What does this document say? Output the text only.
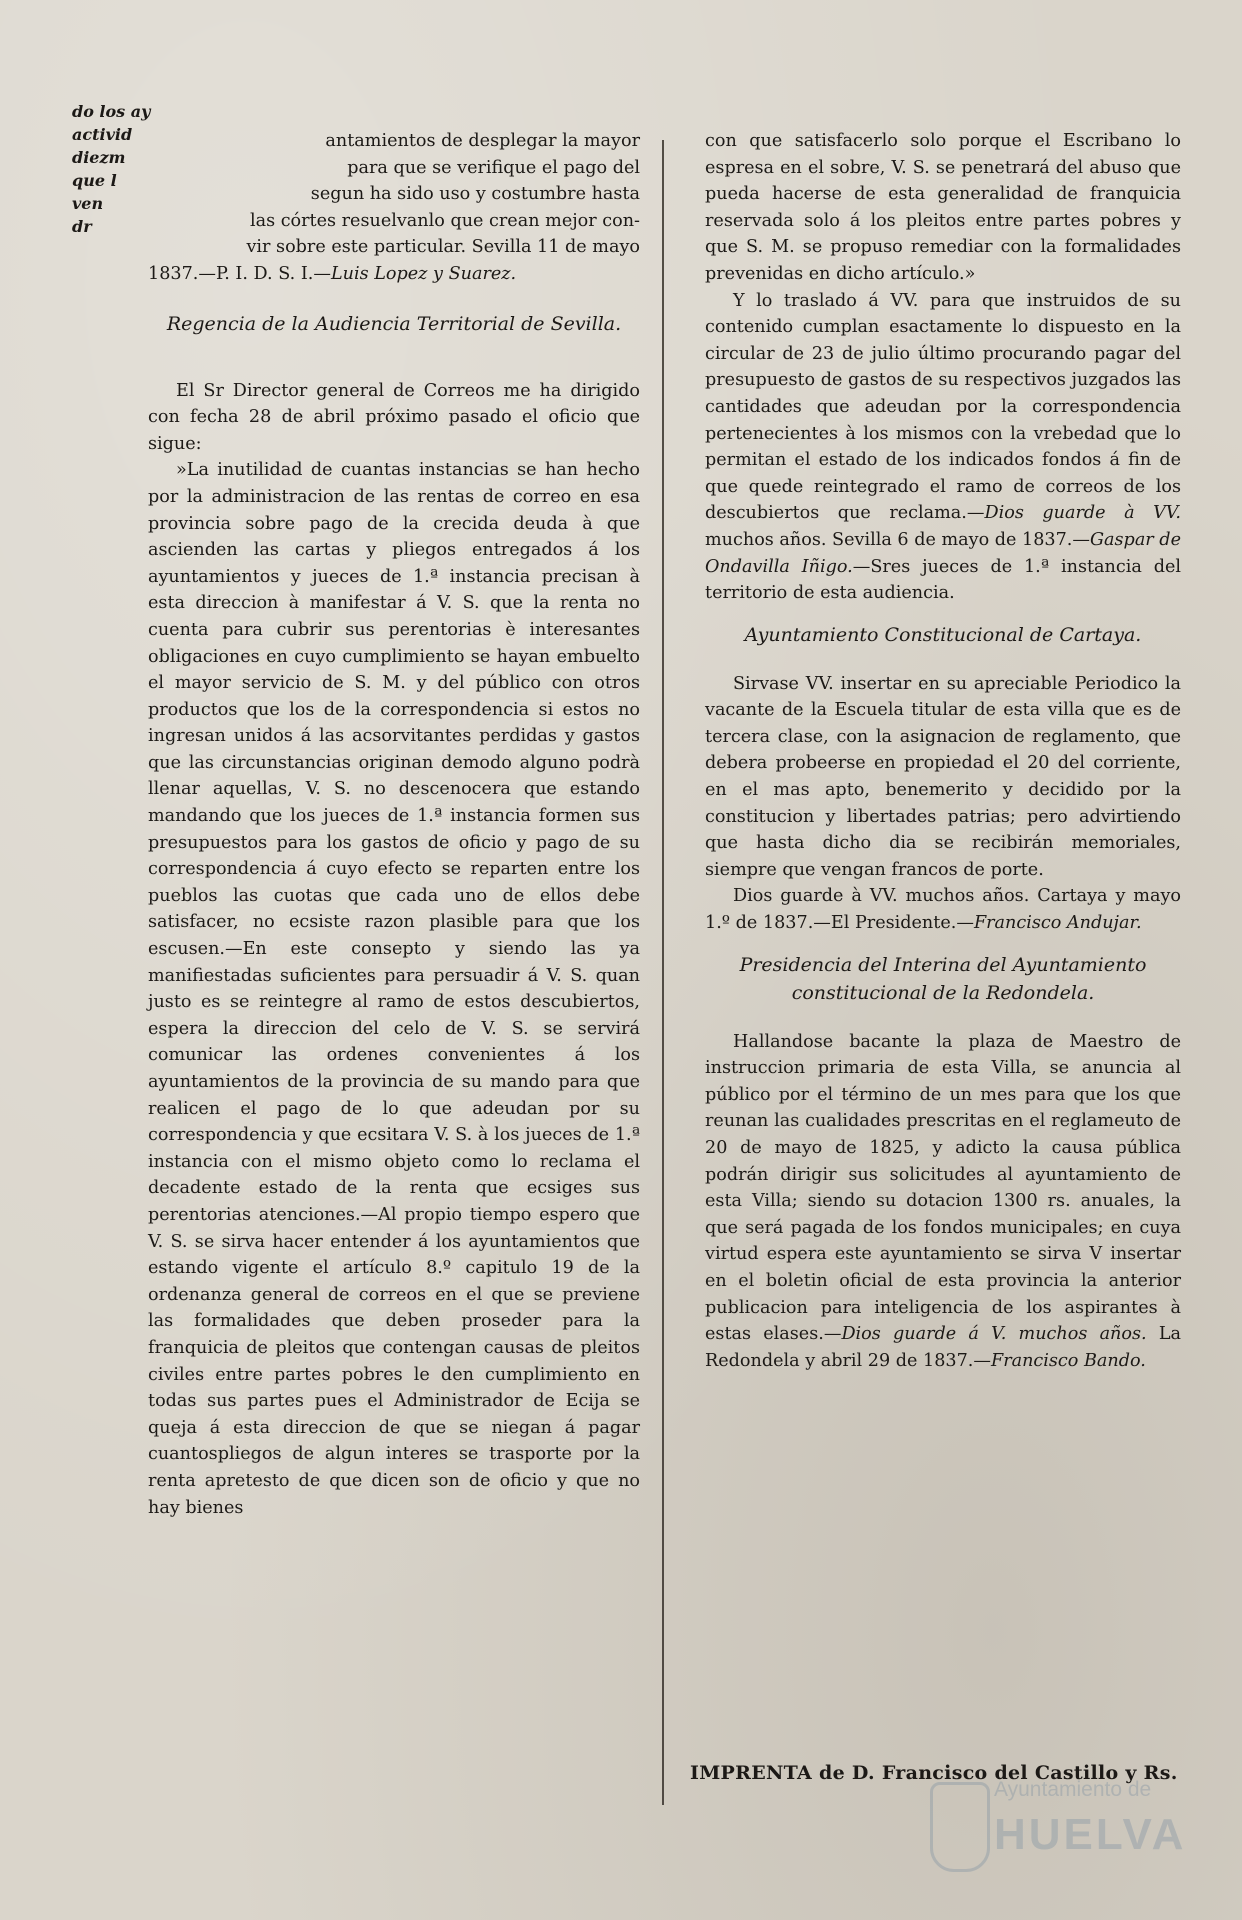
do los ay
activid
diezm
que l
ven
dr
antamientos de desplegar la mayor
para que se verifique el pago del
segun ha sido uso y costumbre hasta
las córtes resuelvanlo que crean mejor con-
vir sobre este particular. Sevilla 11 de mayo

1837.—P. I. D. S. I.—Luis Lopez y Suarez.

Regencia de la Audiencia Territorial de Sevilla.

El Sr Director general de Correos me ha dirigido con fecha 28 de abril próximo pasado el oficio que sigue:

»La inutilidad de cuantas instancias se han hecho por la administracion de las rentas de correo en esa provincia sobre pago de la crecida deuda à que ascienden las cartas y pliegos entregados á los ayuntamientos y jueces de 1.ª instancia precisan à esta direccion à manifestar á V. S. que la renta no cuenta para cubrir sus perentorias è interesantes obligaciones en cuyo cumplimiento se hayan embuelto el mayor servicio de S. M. y del público con otros productos que los de la correspondencia si estos no ingresan unidos á las acsorvitantes perdidas y gastos que las circunstancias originan demodo alguno podrà llenar aquellas, V. S. no descenocera que estando mandando que los jueces de 1.ª instancia formen sus presupuestos para los gastos de oficio y pago de su correspondencia á cuyo efecto se reparten entre los pueblos las cuotas que cada uno de ellos debe satisfacer, no ecsiste razon plasible para que los escusen.—En este consepto y siendo las ya manifiestadas suficientes para persuadir á V. S. quan justo es se reintegre al ramo de estos descubiertos, espera la direccion del celo de V. S. se servirá comunicar las ordenes convenientes á los ayuntamientos de la provincia de su mando para que realicen el pago de lo que adeudan por su correspondencia y que ecsitara V. S. à los jueces de 1.ª instancia con el mismo objeto como lo reclama el decadente estado de la renta que ecsiges sus perentorias atenciones.—Al propio tiempo espero que V. S. se sirva hacer entender á los ayuntamientos que estando vigente el artículo 8.º capitulo 19 de la ordenanza general de correos en el que se previene las formalidades que deben proseder para la franquicia de pleitos que contengan causas de pleitos civiles entre partes pobres le den cumplimiento en todas sus partes pues el Administrador de Ecija se queja á esta direccion de que se niegan á pagar cuantospliegos de algun interes se trasporte por la renta apretesto de que dicen son de oficio y que no hay bienes

con que satisfacerlo solo porque el Escribano lo espresa en el sobre, V. S. se penetrará del abuso que pueda hacerse de esta generalidad de franquicia reservada solo á los pleitos entre partes pobres y que S. M. se propuso remediar con la formalidades prevenidas en dicho artículo.»

Y lo traslado á VV. para que instruidos de su contenido cumplan esactamente lo dispuesto en la circular de 23 de julio último procurando pagar del presupuesto de gastos de su respectivos juzgados las cantidades que adeudan por la correspondencia pertenecientes à los mismos con la vrebedad que lo permitan el estado de los indicados fondos á fin de que quede reintegrado el ramo de correos de los descubiertos que reclama.—Dios guarde à VV. muchos años. Sevilla 6 de mayo de 1837.—Gaspar de Ondavilla Iñigo.—Sres jueces de 1.ª instancia del territorio de esta audiencia.

Ayuntamiento Constitucional de Cartaya.

Sirvase VV. insertar en su apreciable Periodico la vacante de la Escuela titular de esta villa que es de tercera clase, con la asignacion de reglamento, que debera probeerse en propiedad el 20 del corriente, en el mas apto, benemerito y decidido por la constitucion y libertades patrias; pero advirtiendo que hasta dicho dia se recibirán memoriales, siempre que vengan francos de porte.

Dios guarde à VV. muchos años. Cartaya y mayo 1.º de 1837.—El Presidente.—Francisco Andujar.

Presidencia del Interina del Ayuntamiento constitucional de la Redondela.

Hallandose bacante la plaza de Maestro de instruccion primaria de esta Villa, se anuncia al público por el término de un mes para que los que reunan las cualidades prescritas en el reglameuto de 20 de mayo de 1825, y adicto la causa pública podrán dirigir sus solicitudes al ayuntamiento de esta Villa; siendo su dotacion 1300 rs. anuales, la que será pagada de los fondos municipales; en cuya virtud espera este ayuntamiento se sirva V insertar en el boletin oficial de esta provincia la anterior publicacion para inteligencia de los aspirantes à estas elases.—Dios guarde á V. muchos años. La Redondela y abril 29 de 1837.—Francisco Bando.

IMPRENTA de D. Francisco del Castillo y Rs.
Ayuntamiento de
HUELVA
